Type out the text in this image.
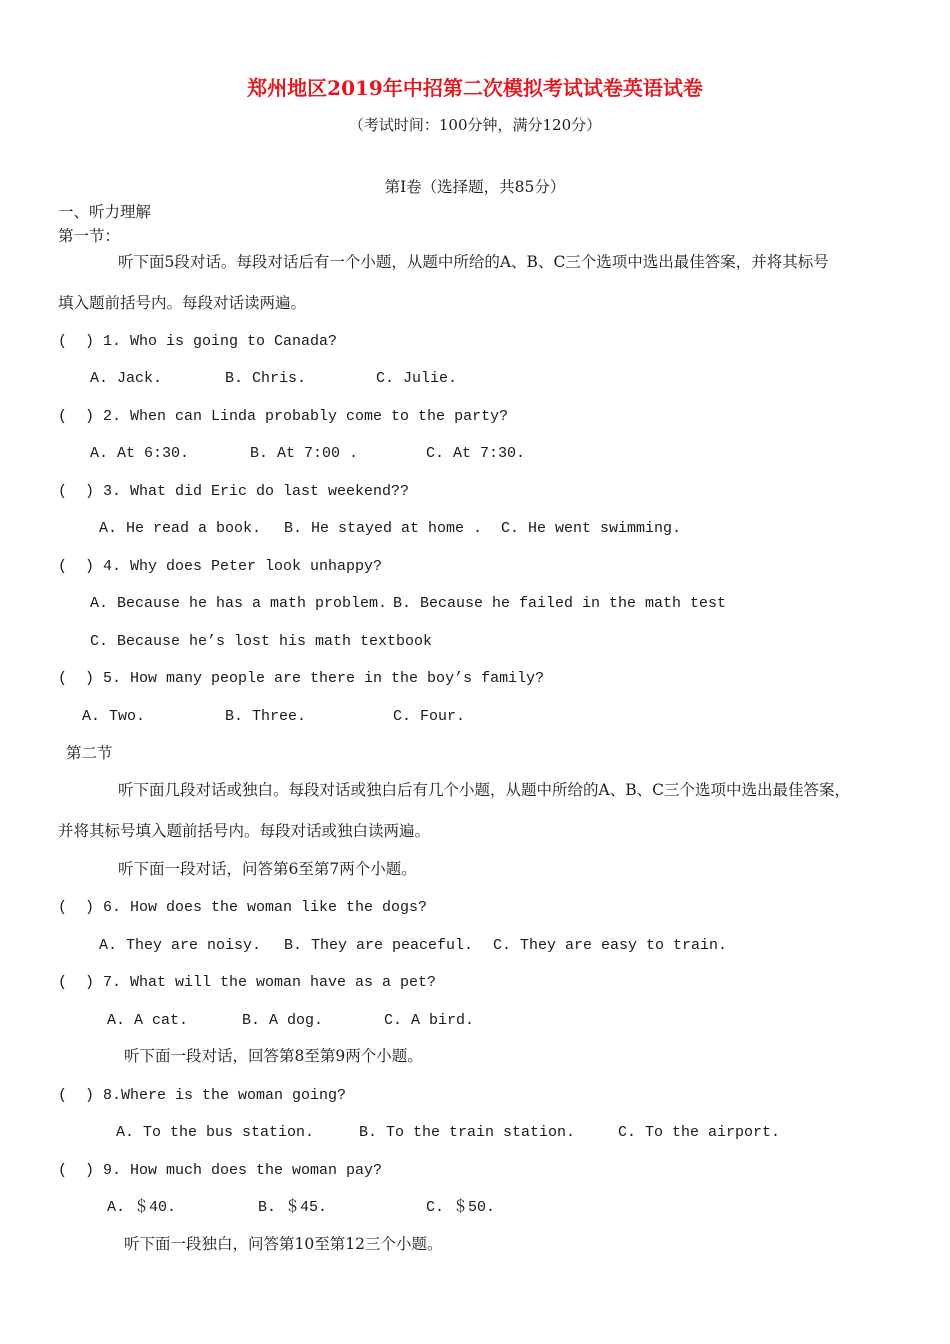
郑州地区2019年中招第二次模拟考试试卷英语试卷
（考试时间：100分钟，满分120分）
第Ⅰ卷（选择题，共85分）
一、听力理解
第一节：
听下面5段对话。每段对话后有一个小题，从题中所给的A、B、C三个选项中选出最佳答案，并将其标号
填入题前括号内。每段对话读两遍。
(  ) 1. Who is going to Canada?
A. Jack.	B. Chris.	C. Julie.
(  ) 2. When can Linda probably come to the party?
A. At 6:30.	B. At 7:00 .	C. At 7:30.
(  ) 3. What did Eric do last weekend??
A. He read a book. B. He stayed at home . C. He went swimming.
(  ) 4. Why does Peter look unhappy?
A. Because he has a math problem. B. Because he failed in the math test
C. Because he’s lost his math textbook
(  ) 5. How many people are there in the boy’s family?
A. Two.	B. Three.	C. Four.
第二节
听下面几段对话或独白。每段对话或独白后有几个小题，从题中所给的A、B、C三个选项中选出最佳答案，
并将其标号填入题前括号内。每段对话或独白读两遍。
听下面一段对话，问答第6至第7两个小题。
(  ) 6. How does the woman like the dogs?
A. They are noisy. B. They are peaceful. C. They are easy to train.
(  ) 7. What will the woman have as a pet?
A. A cat.	B. A dog.	C. A bird.
听下面一段对话，回答第8至第9两个小题。
(  ) 8.Where is the woman going?
A. To the bus station.	B. To the train station.	C. To the airport.
(  ) 9. How much does the woman pay?
A. ＄40.	B. ＄45.	C. ＄50.
听下面一段独白，问答第10至第12三个小题。
